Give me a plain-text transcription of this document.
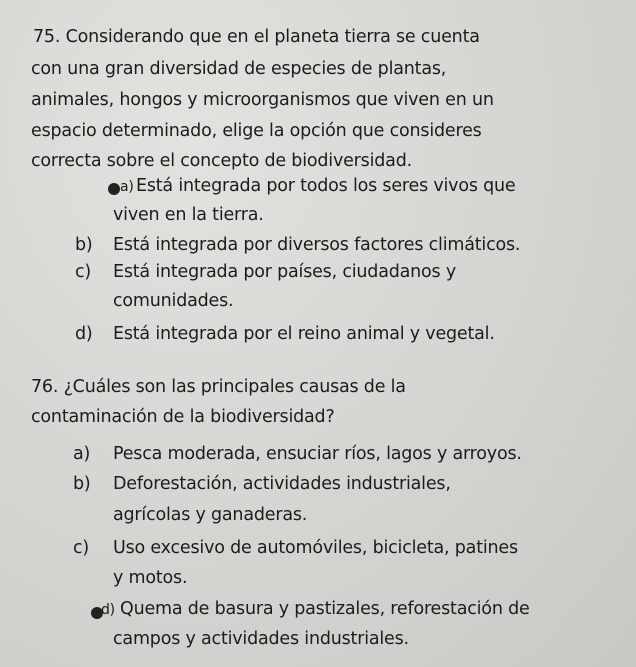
75. Considerando que en el planeta tierra se cuenta
con una gran diversidad de especies de plantas,
animales, hongos y microorganismos que viven en un
espacio determinado, elige la opción que consideres
correcta sobre el concepto de biodiversidad.
a) Está integrada por todos los seres vivos que
viven en la tierra.
b) Está integrada por diversos factores climáticos.
c) Está integrada por países, ciudadanos y
comunidades.
d) Está integrada por el reino animal y vegetal.
76. ¿Cuáles son las principales causas de la
contaminación de la biodiversidad?
a) Pesca moderada, ensuciar ríos, lagos y arroyos.
b) Deforestación, actividades industriales,
agrícolas y ganaderas.
c) Uso excesivo de automóviles, bicicleta, patines
y motos.
d) Quema de basura y pastizales, reforestación de
campos y actividades industriales.
